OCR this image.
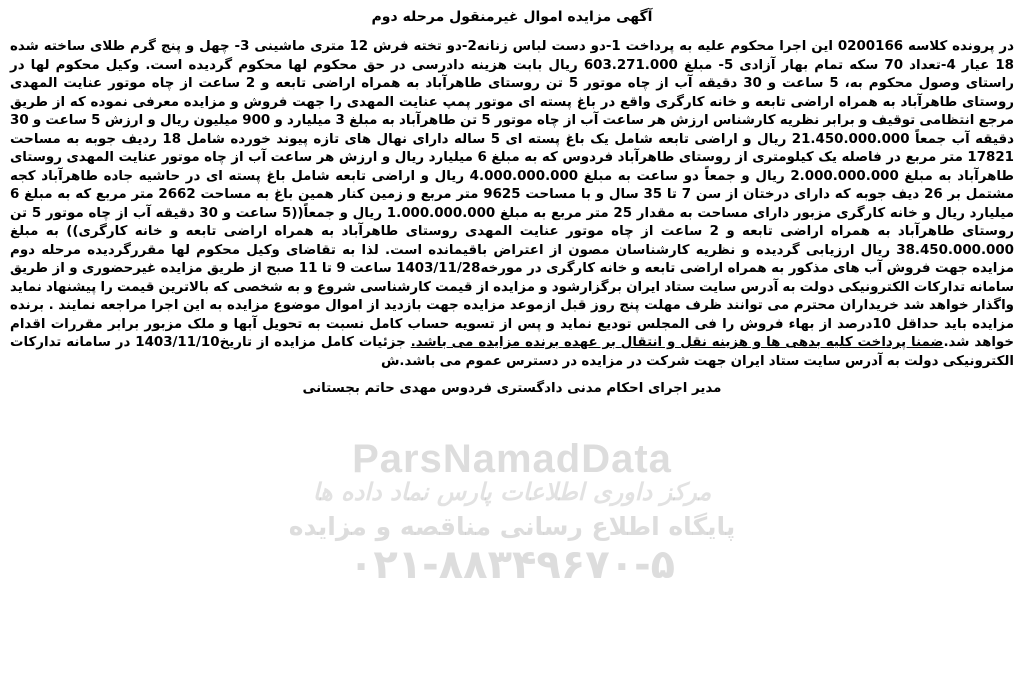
آگهی مزایده اموال غیرمنقول مرحله دوم

در پرونده کلاسه 0200166 این اجرا محکوم علیه به پرداخت 1-دو دست لباس زنانه2-دو تخته فرش 12 متری ماشینی 3- چهل و پنج گرم طلای ساخته شده 18 عیار 4-تعداد 70 سکه تمام بهار آزادی 5- مبلغ 603.271.000 ریال بابت هزینه دادرسی در حق محکوم لها محکوم گردیده است. وکیل محکوم لها در راستای وصول محکوم به، 5 ساعت و 30 دقیقه آب از چاه موتور 5 تن روستای طاهرآباد به همراه اراضی تابعه و 2 ساعت از چاه موتور عنایت المهدی روستای طاهرآباد به همراه اراضی تابعه و خانه کارگری واقع در باغ پسته ای موتور پمپ عنایت المهدی را جهت فروش و مزایده معرفی نموده که از طریق مرجع انتظامی توقیف و برابر نظریه کارشناس ارزش هر ساعت آب از چاه موتور 5 تن طاهرآباد به مبلغ 3 میلیارد و 900 میلیون ریال و ارزش 5 ساعت و 30 دقیقه آب جمعاً 21.450.000.000 ریال و اراضی تابعه شامل یک باغ پسته ای 5 ساله دارای نهال های تازه پیوند خورده شامل 18 ردیف جوبه به مساحت 17821 متر مربع در فاصله یک کیلومتری از روستای طاهرآباد فردوس که به مبلغ 6 میلیارد ریال و ارزش هر ساعت آب از چاه موتور عنایت المهدی روستای طاهرآباد به مبلغ 2.000.000.000 ریال و جمعاً دو ساعت به مبلغ 4.000.000.000 ریال و اراضی تابعه شامل باغ پسته ای در حاشیه جاده طاهرآباد کجه مشتمل بر 26 دیف جوبه که دارای درختان از سن 7 تا 35 سال و با مساحت 9625 متر مربع و زمین کنار همین باغ به مساحت 2662 متر مربع که به مبلغ 6 میلیارد ریال و خانه کارگری مزبور دارای مساحت به مقدار 25 متر مربع به مبلغ 1.000.000.000 ریال و جمعاً((5 ساعت و 30 دقیقه آب از چاه موتور 5 تن روستای طاهرآباد به همراه اراضی تابعه و 2 ساعت از چاه موتور عنایت المهدی روستای طاهرآباد به همراه اراضی تابعه و خانه کارگری)) به مبلغ 38.450.000.000 ریال ارزیابی گردیده و نظریه کارشناسان مصون از اعتراض باقیمانده است. لذا به تقاضای وکیل محکوم لها مقررگردیده مرحله دوم مزایده جهت فروش آب های مذکور به همراه اراضی تابعه و خانه کارگری در مورخه1403/11/28 ساعت 9 تا 11 صبح از طریق مزایده غیرحضوری و از طریق سامانه تدارکات الکترونیکی دولت به آدرس سایت ستاد ایران برگزارشود و مزایده از قیمت کارشناسی شروع و به شخصی که بالاترین قیمت را پیشنهاد نماید واگذار خواهد شد خریداران محترم می توانند ظرف مهلت پنج روز قبل ازموعد مزایده جهت بازدید از اموال موضوع مزایده به این اجرا مراجعه نمایند . برنده مزایده باید حداقل 10درصد از بهاء فروش را فی المجلس تودیع نماید و پس از تسویه حساب کامل نسبت به تحویل آبها و ملک مزبور برابر مقررات اقدام خواهد شد.ضمنا پرداخت کلیه بدهی ها و هزینه نقل و انتقال بر عهده برنده مزایده می باشد. جزئیات کامل مزایده از تاریخ1403/11/10 در سامانه تدارکات الکترونیکی دولت به آدرس سایت ستاد ایران جهت شرکت در مزایده در دسترس عموم می باشد.ش

مدیر اجرای احکام مدنی دادگستری فردوس مهدی حاتم بجستانی
ParsNamadData
مرکز داوری اطلاعات پارس نماد داده ها
پایگاه اطلاع رسانی مناقصه و مزایده
۰۲۱-۸۸۳۴۹۶۷۰-۵
